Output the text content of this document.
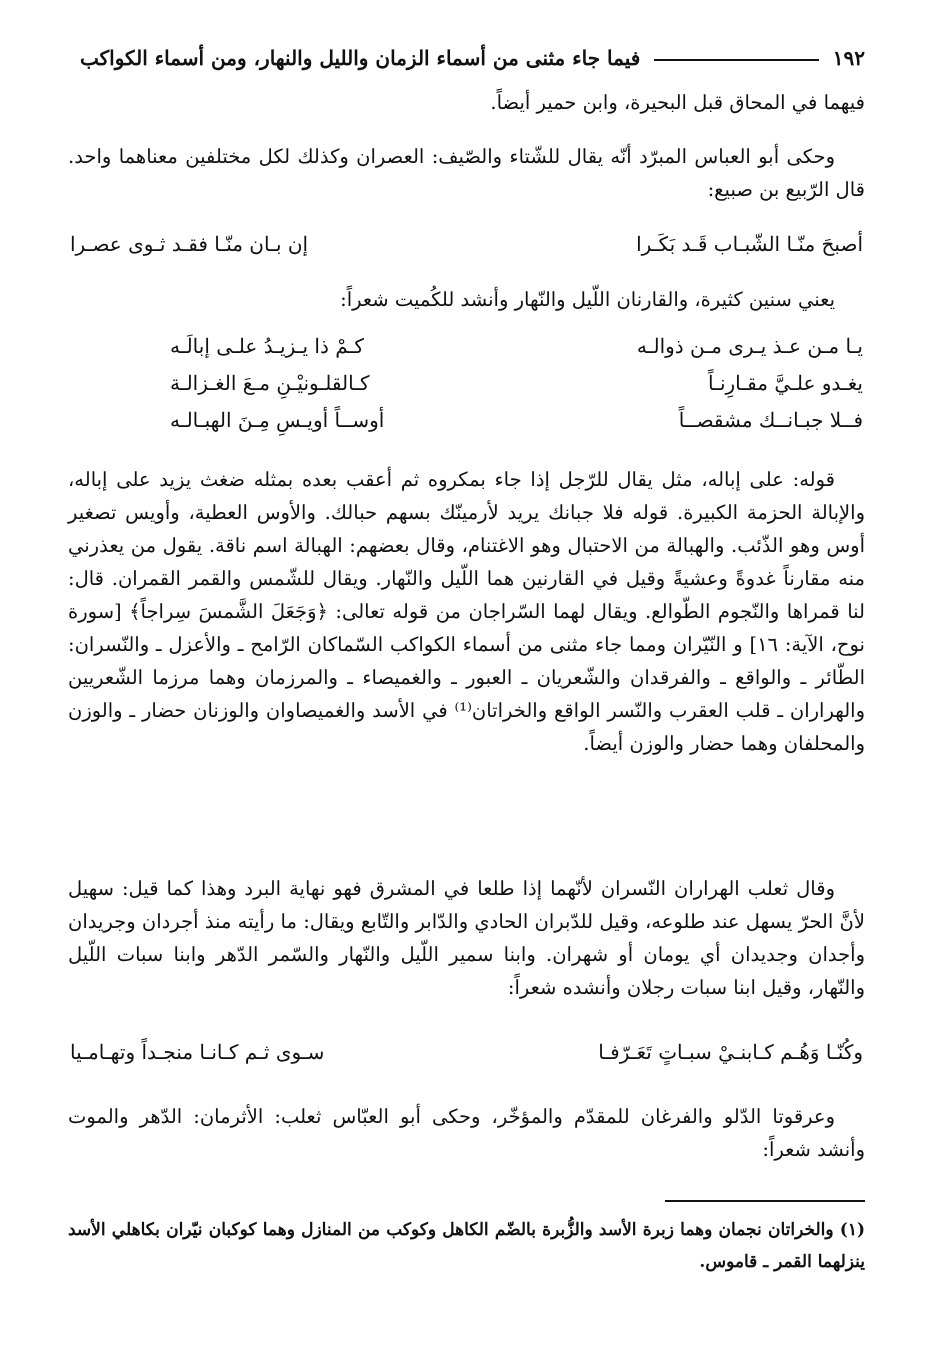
١٩٢
فيما جاء مثنى من أسماء الزمان والليل والنهار، ومن أسماء الكواكب
فيهما في المحاق قبل البحيرة، وابن حمير أيضاً.
وحكى أبو العباس المبرّد أنّه يقال للشّتاء والصّيف: العصران وكذلك لكل مختلفين معناهما واحد. قال الرّبيع بن صبيع:
أصبحَ منّـا الشّبـاب قَـد بَكَـرا
إن بـان منّـا فقـد ثـوى عصـرا
يعني سنين كثيرة، والقارنان اللّيل والنّهار وأنشد للكُميت شعراً:
يـا مـن عـذ يـرى مـن ذوالـه
كـمْ ذا يـزيـدُ علـى إبالَـه
يغـدو علـيَّ مقـارِنـاً
كـالقلـونيْـنِ مـعَ الغـزالـة
فــلا جبـانــك مشقصــاً
أوســاً أويـسِ مِـنَ الهبـالـه
قوله: على إباله، مثل يقال للرّجل إذا جاء بمكروه ثم أعقب بعده بمثله ضغث يزيد على إباله، والإبالة الحزمة الكبيرة. قوله فلا جبانك يريد لأرمينّك بسهم حبالك. والأوس العطية، وأويس تصغير أوس وهو الذّئب. والهبالة من الاحتبال وهو الاغتنام، وقال بعضهم: الهبالة اسم ناقة. يقول من يعذرني منه مقارناً غدوةً وعشيةً وقيل في القارنين هما اللّيل والنّهار. ويقال للشّمس والقمر القمران. قال: لنا قمراها والنّجوم الطّوالع. ويقال لهما السّراجان من قوله تعالى: ﴿وَجَعَلَ الشَّمسَ سِراجاً﴾ [سورة نوح، الآية: ١٦] و النّيّران ومما جاء مثنى من أسماء الكواكب السّماكان الرّامح ـ والأعزل ـ والنّسران: الطّائر ـ والواقع ـ والفرقدان والشّعريان ـ العبور ـ والغميصاء ـ والمرزمان وهما مرزما الشّعريين والهراران ـ قلب العقرب والنّسر الواقع والخراتان⁽¹⁾ في الأسد والغميصاوان والوزنان حضار ـ والوزن والمحلفان وهما حضار والوزن أيضاً.
وقال ثعلب الهراران النّسران لأنّهما إذا طلعا في المشرق فهو نهاية البرد وهذا كما قيل: سهيل لأنَّ الحرّ يسهل عند طلوعه، وقيل للدّبران الحادي والدّابر والتّابع ويقال: ما رأيته منذ أجردان وجريدان وأجدان وجديدان أي يومان أو شهران. وابنا سمير اللّيل والنّهار والسّمر الدّهر وابنا سبات اللّيل والنّهار، وقيل ابنا سبات رجلان وأنشده شعراً:
وكُنّـا وَهُـم كـابنـيْ سبـاتٍ تَعَـرّفـا
سـوى ثـم كـانـا منجـداً وتهـامـيا
وعرقوتا الدّلو والفرغان للمقدّم والمؤخّر، وحكى أبو العبّاس ثعلب: الأثرمان: الدّهر والموت وأنشد شعراً:
(١) والخراتان نجمان وهما زبرة الأسد والزُّبرة بالضّم الكاهل وكوكب من المنازل وهما كوكبان نيّران بكاهلي الأسد ينزلهما القمر ـ قاموس.
